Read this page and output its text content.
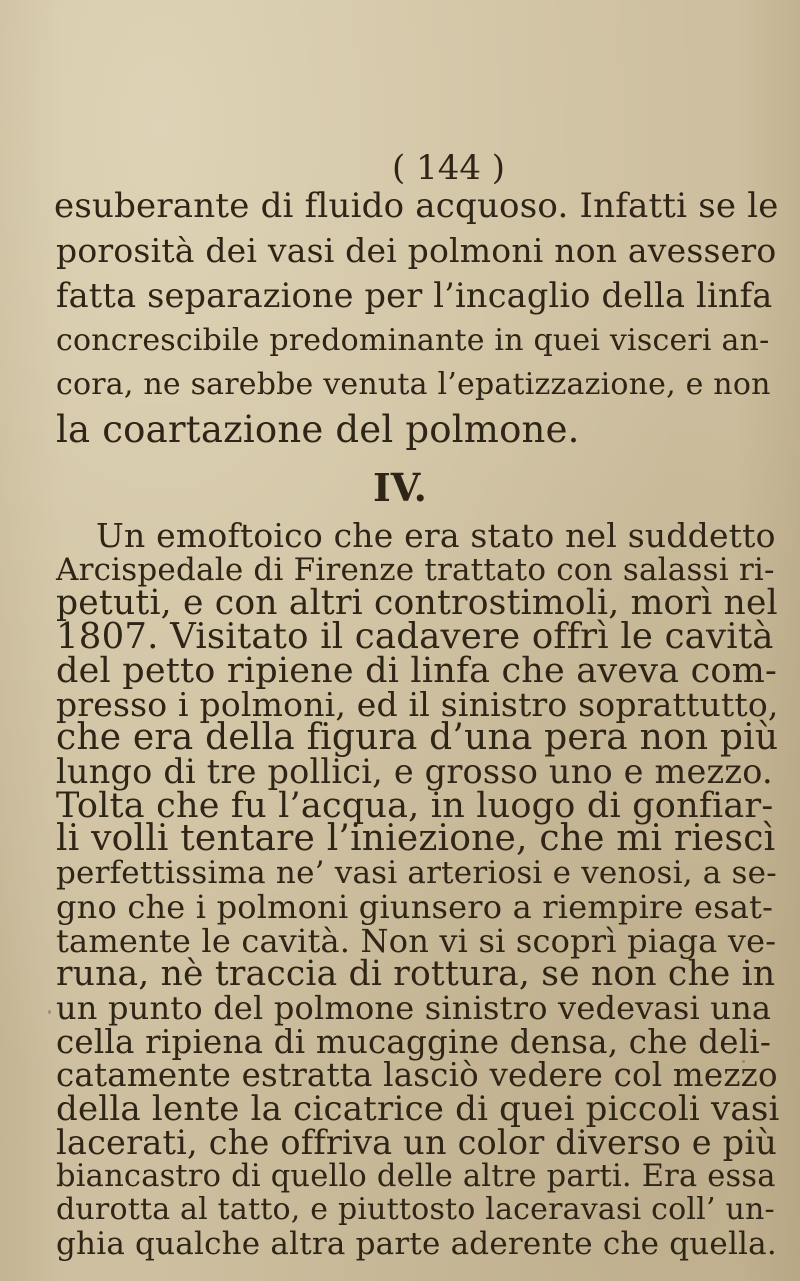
( 144 )
esuberante di fluido acquoso. Infatti se le
porosità dei vasi dei polmoni non avessero
fatta separazione per l’incaglio della linfa
concrescibile predominante in quei visceri an-
cora, ne sarebbe venuta l’epatizzazione, e non
la coartazione del polmone.
IV.
Un emoftoico che era stato nel suddetto
Arcispedale di Firenze trattato con salassi ri-
petuti, e con altri controstimoli, morì nel
1807. Visitato il cadavere offrì le cavità
del petto ripiene di linfa che aveva com-
presso i polmoni, ed il sinistro soprattutto,
che era della figura d’una pera non più
lungo di tre pollici, e grosso uno e mezzo.
Tolta che fu l’acqua, in luogo di gonfiar-
li volli tentare l’iniezione, che mi riescì
perfettissima ne’ vasi arteriosi e venosi, a se-
gno che i polmoni giunsero a riempire esat-
tamente le cavità. Non vi si scoprì piaga ve-
runa, nè traccia di rottura, se non che in
un punto del polmone sinistro vedevasi una
cella ripiena di mucaggine densa, che deli-
catamente estratta lasciò vedere col mezzo
della lente la cicatrice di quei piccoli vasi
lacerati, che offriva un color diverso e più
biancastro di quello delle altre parti. Era essa
durotta al tatto, e piuttosto laceravasi coll’ un-
ghia qualche altra parte aderente che quella.
